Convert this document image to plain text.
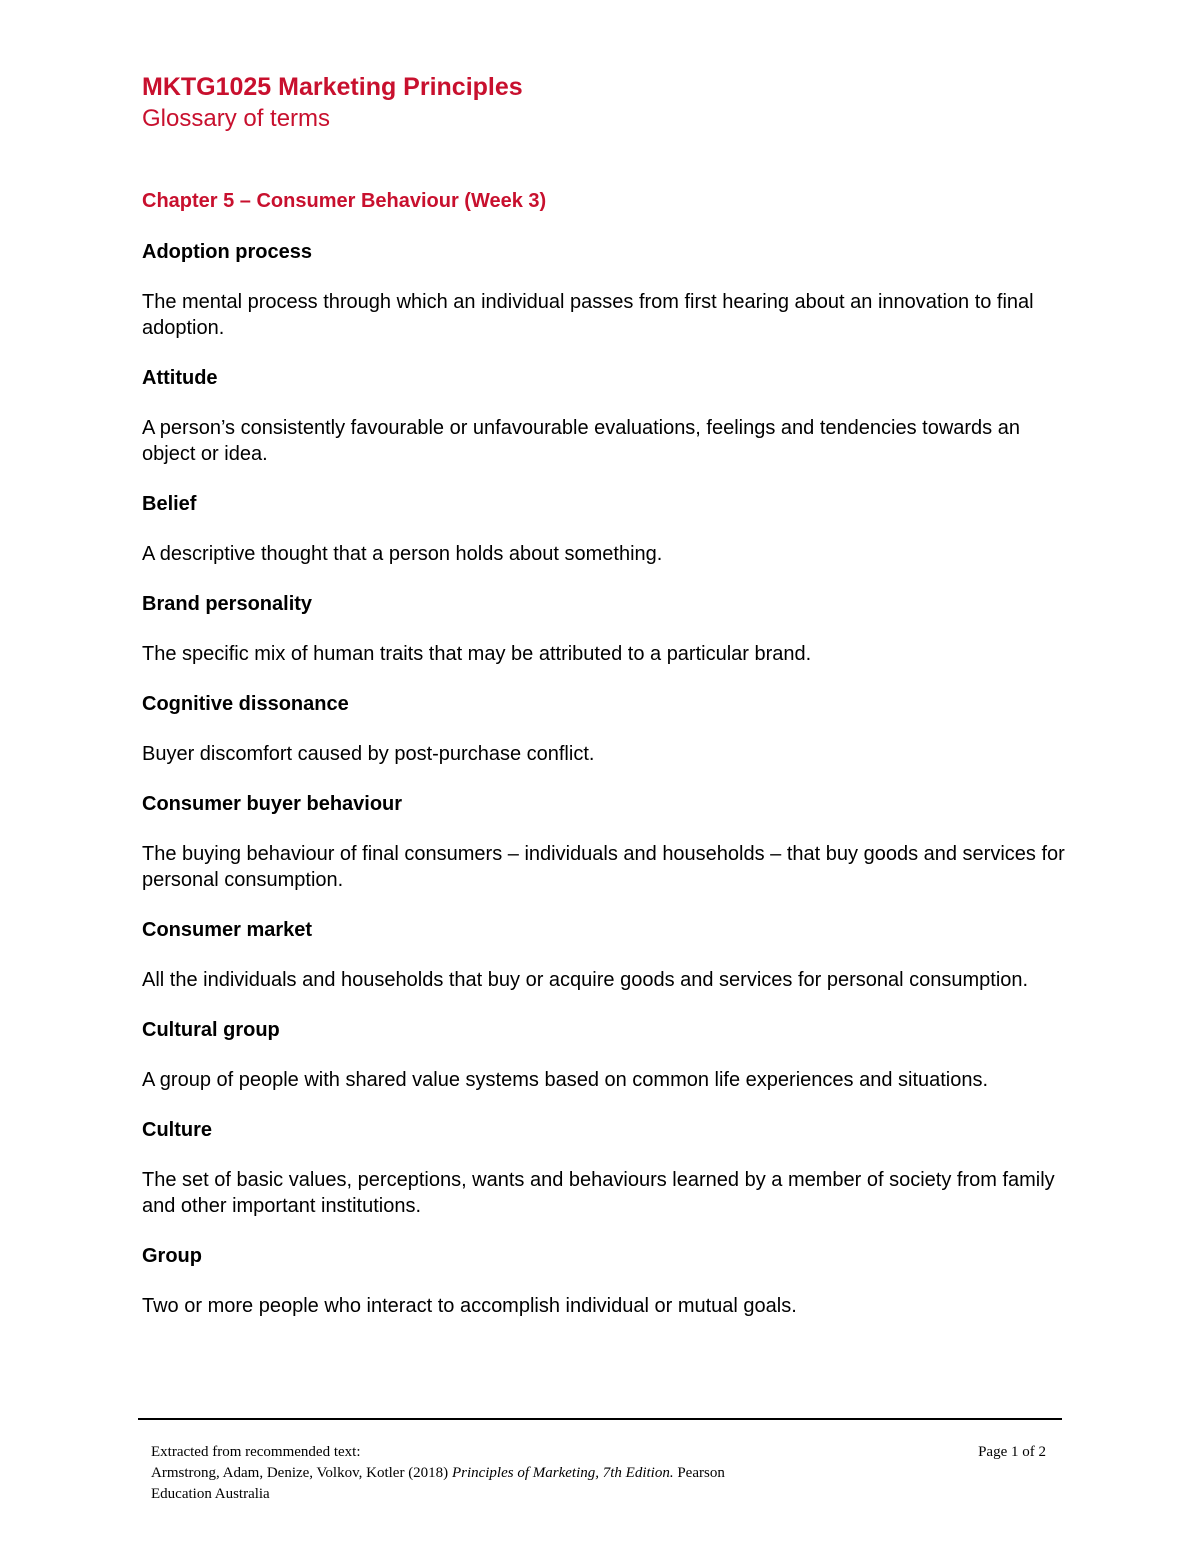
MKTG1025 Marketing Principles
Glossary of terms
Chapter 5 – Consumer Behaviour (Week 3)
Adoption process
The mental process through which an individual passes from first hearing about an innovation to final adoption.
Attitude
A person’s consistently favourable or unfavourable evaluations, feelings and tendencies towards an object or idea.
Belief
A descriptive thought that a person holds about something.
Brand personality
The specific mix of human traits that may be attributed to a particular brand.
Cognitive dissonance
Buyer discomfort caused by post-purchase conflict.
Consumer buyer behaviour
The buying behaviour of final consumers – individuals and households – that buy goods and services for personal consumption.
Consumer market
All the individuals and households that buy or acquire goods and services for personal consumption.
Cultural group
A group of people with shared value systems based on common life experiences and situations.
Culture
The set of basic values, perceptions, wants and behaviours learned by a member of society from family and other important institutions.
Group
Two or more people who interact to accomplish individual or mutual goals.
Extracted from recommended text:
Armstrong, Adam, Denize, Volkov, Kotler (2018) Principles of Marketing, 7th Edition. Pearson
Education Australia
Page 1 of 2
